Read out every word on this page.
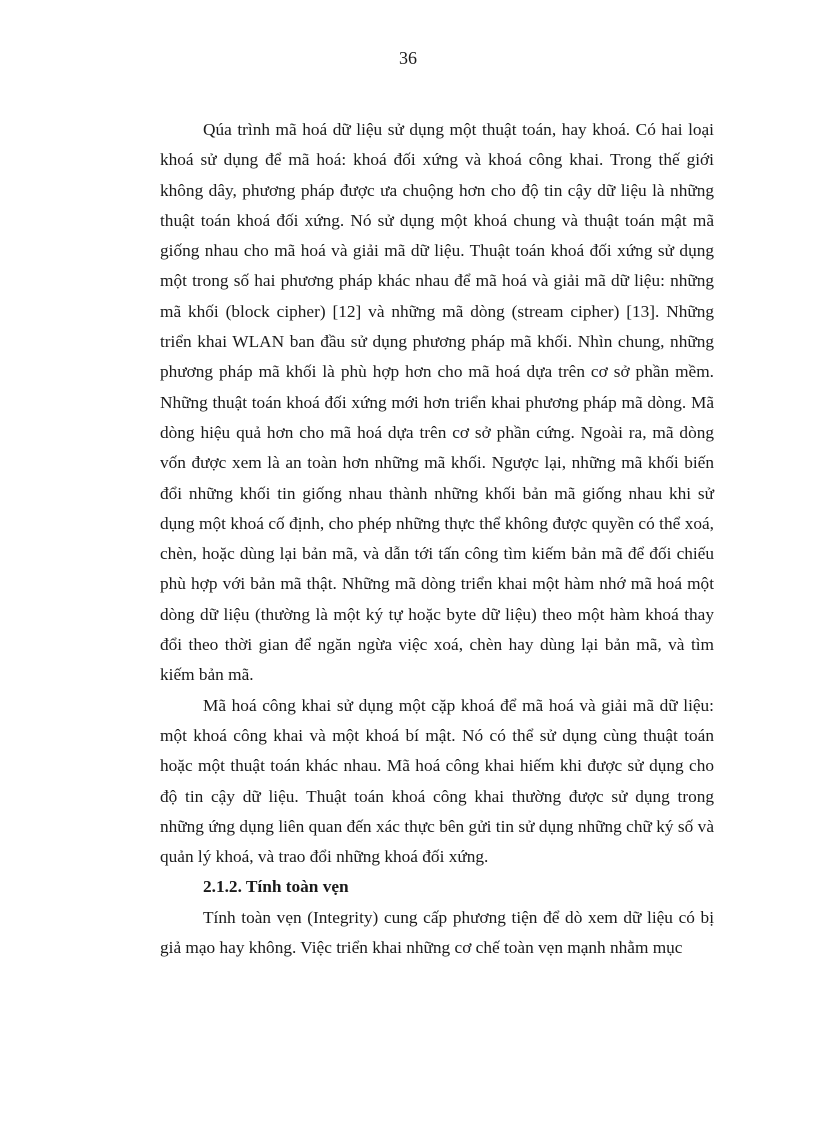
36

Qúa trình mã hoá dữ liệu sử dụng một thuật toán, hay khoá. Có hai loại khoá sử dụng để mã hoá: khoá đối xứng và khoá công khai. Trong thế giới không dây, phương pháp được ưa chuộng hơn cho độ tin cậy dữ liệu là những thuật toán khoá đối xứng. Nó sử dụng một khoá chung và thuật toán mật mã giống nhau cho mã hoá và giải mã dữ liệu. Thuật toán khoá đối xứng sử dụng một trong số hai phương pháp khác nhau để mã hoá và giải mã dữ liệu: những mã khối (block cipher) [12] và những mã dòng (stream cipher) [13]. Những triển khai WLAN ban đầu sử dụng phương pháp mã khối. Nhìn chung, những phương pháp mã khối là phù hợp hơn cho mã hoá dựa trên cơ sở phần mềm. Những thuật toán khoá đối xứng mới hơn triển khai phương pháp mã dòng. Mã dòng hiệu quả hơn cho mã hoá dựa trên cơ sở phần cứng. Ngoài ra, mã dòng vốn được xem là an toàn hơn những mã khối. Ngược lại, những mã khối biến đổi những khối tin giống nhau thành những khối bản mã giống nhau khi sử dụng một khoá cố định, cho phép những thực thể không được quyền có thể xoá, chèn, hoặc dùng lại bản mã, và dẫn tới tấn công tìm kiếm bản mã để đối chiếu phù hợp với bản mã thật. Những mã dòng triển khai một hàm nhớ mã hoá một dòng dữ liệu (thường là một ký tự hoặc byte dữ liệu) theo một hàm khoá thay đổi theo thời gian để ngăn ngừa việc xoá, chèn hay dùng lại bản mã, và tìm kiếm bản mã.

Mã hoá công khai sử dụng một cặp khoá để mã hoá và giải mã dữ liệu: một khoá công khai và một khoá bí mật. Nó có thể sử dụng cùng thuật toán hoặc một thuật toán khác nhau. Mã hoá công khai hiếm khi được sử dụng cho độ tin cậy dữ liệu. Thuật toán khoá công khai thường được sử dụng trong những ứng dụng liên quan đến xác thực bên gửi tin sử dụng những chữ ký số và quản lý khoá, và trao đổi những khoá đối xứng.

2.1.2. Tính toàn vẹn

Tính toàn vẹn (Integrity) cung cấp phương tiện để dò xem dữ liệu có bị giả mạo hay không. Việc triển khai những cơ chế toàn vẹn mạnh nhằm mục
